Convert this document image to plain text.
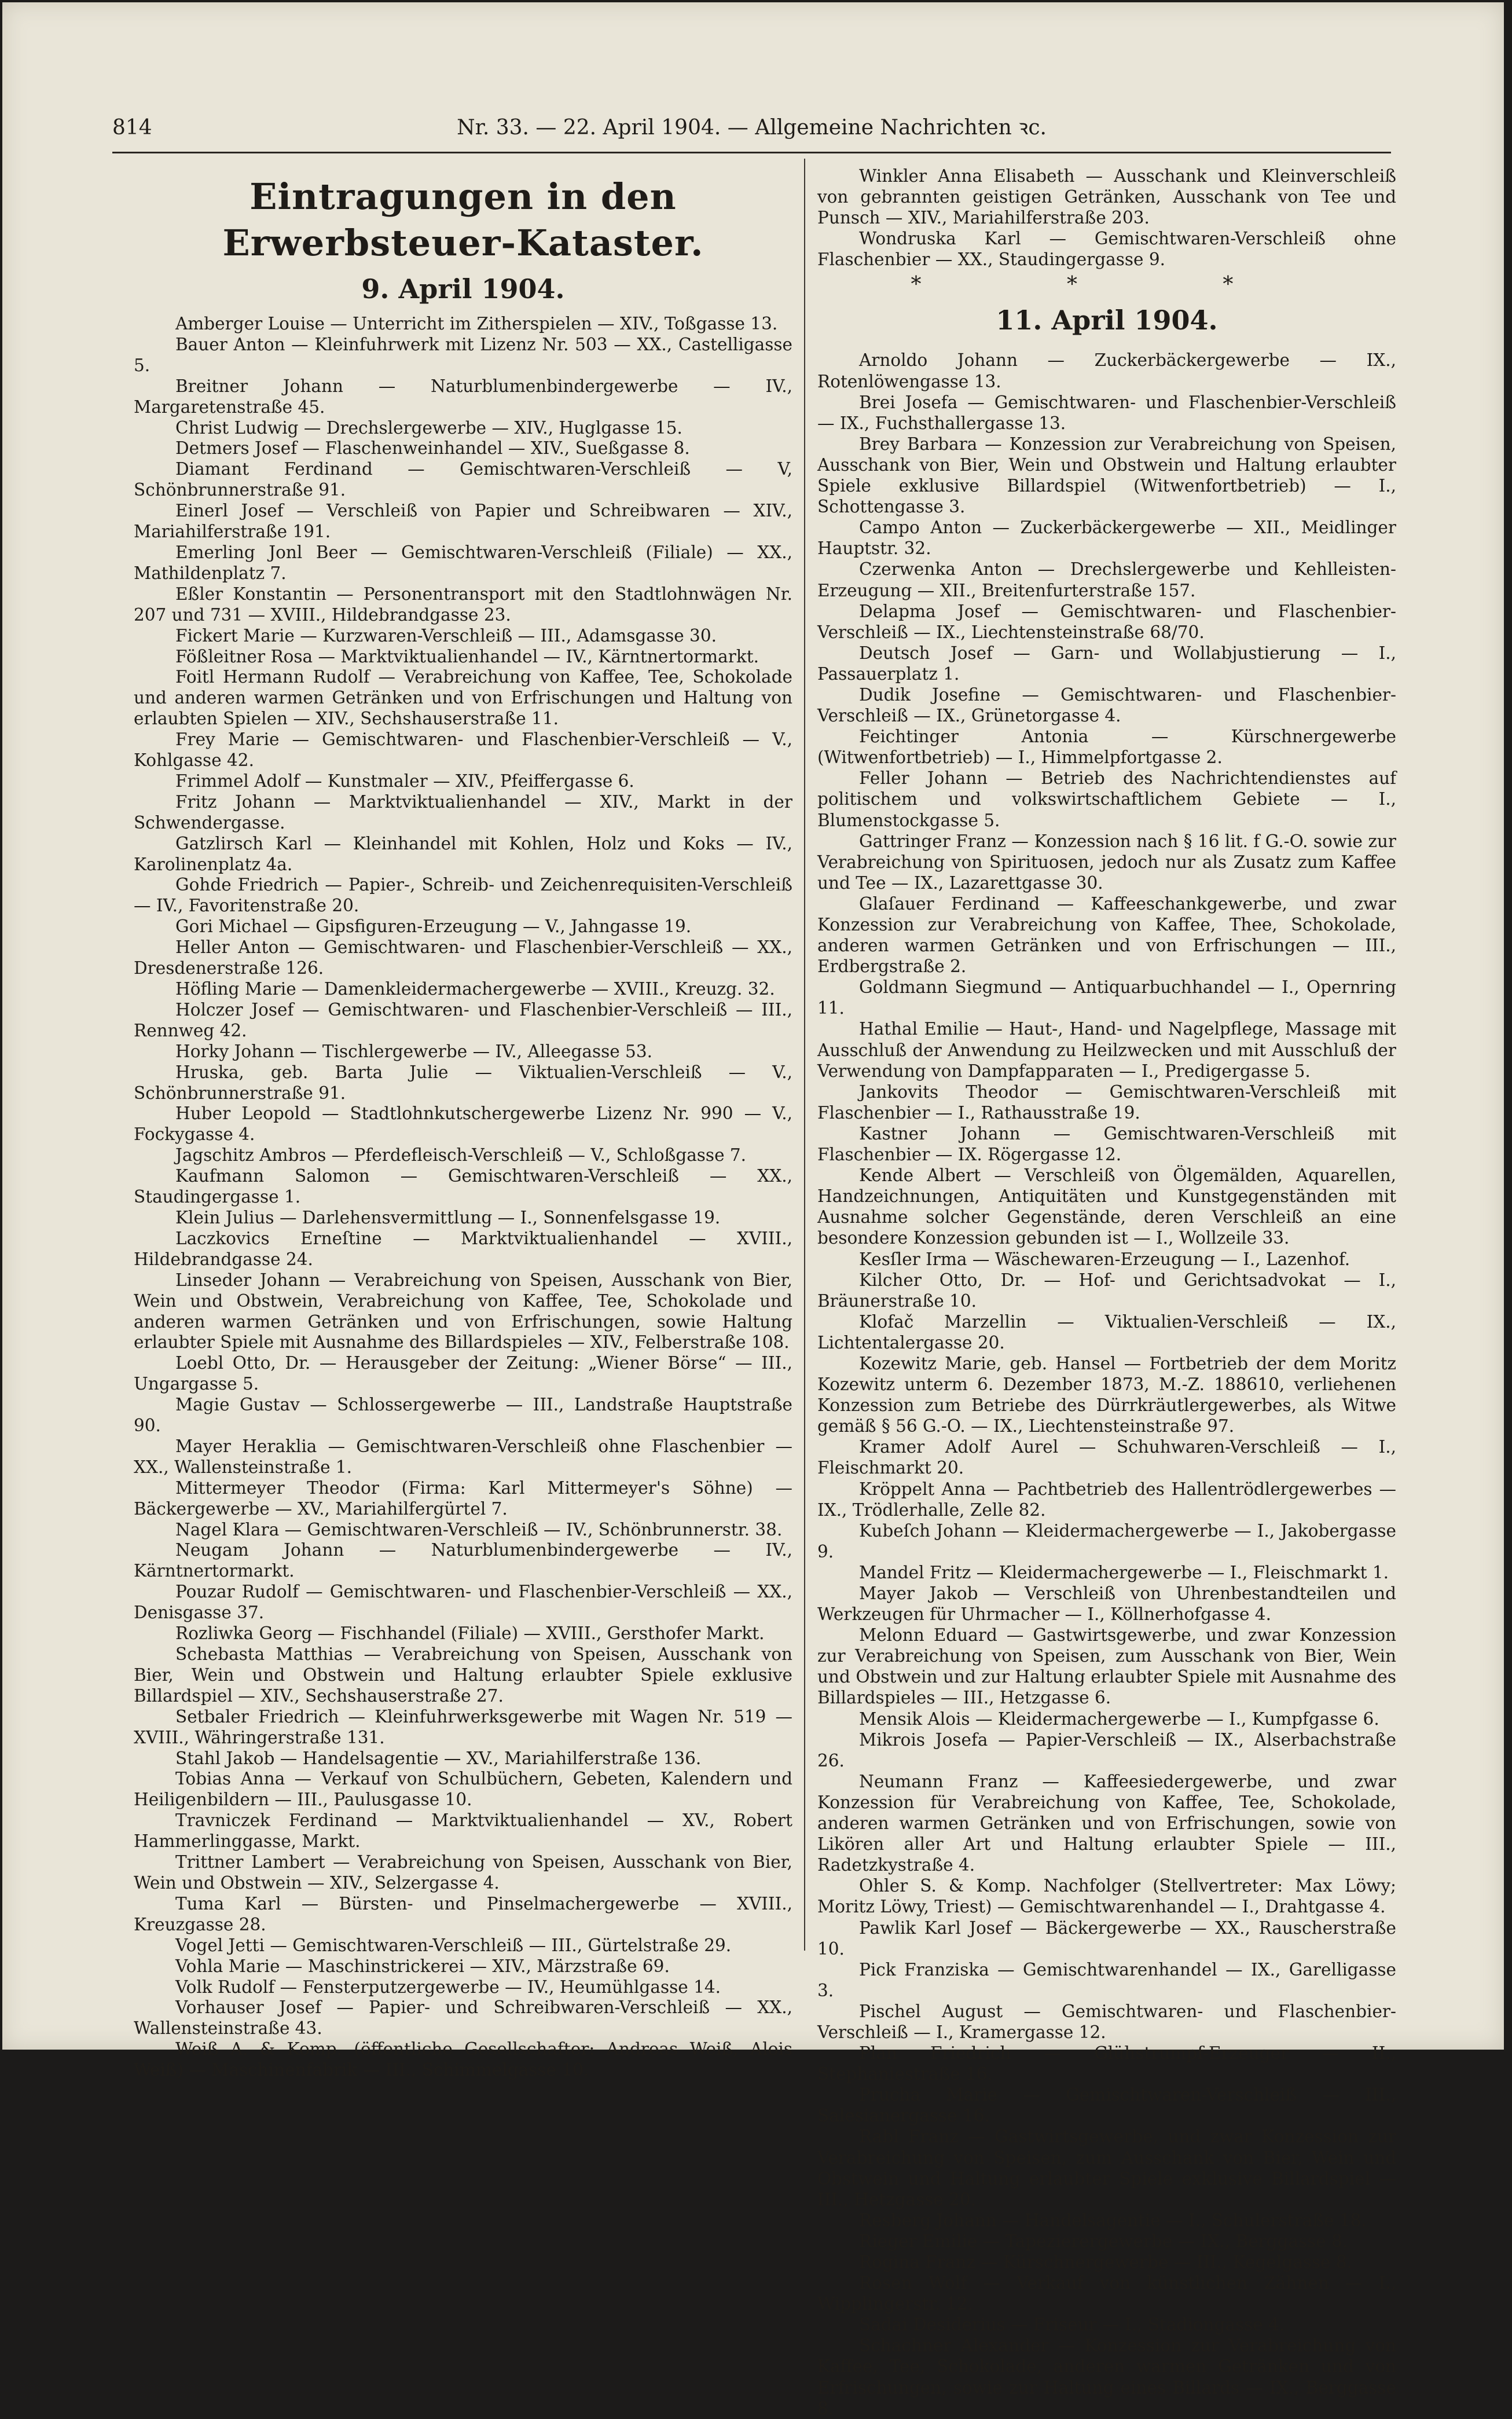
814	Nr. 33. — 22. April 1904. — Allgemeine Nachrichten ꝛc.
Eintragungen in den Erwerbsteuer-Kataster.
9. April 1904.

Amberger Louise — Unterricht im Zitherspielen — XIV., Toßgasse 13.

Bauer Anton — Kleinfuhrwerk mit Lizenz Nr. 503 — XX., Castelligasse 5.

Breitner Johann — Naturblumenbindergewerbe — IV., Margaretenstraße 45.

Christ Ludwig — Drechslergewerbe — XIV., Huglgasse 15.

Detmers Josef — Flaschenweinhandel — XIV., Sueßgasse 8.

Diamant Ferdinand — Gemischtwaren-Verschleiß — V, Schönbrunnerstraße 91.

Einerl Josef — Verschleiß von Papier und Schreibwaren — XIV., Mariahilferstraße 191.

Emerling Jonl Beer — Gemischtwaren-Verschleiß (Filiale) — XX., Mathildenplatz 7.

Eßler Konstantin — Personentransport mit den Stadtlohnwägen Nr. 207 und 731 — XVIII., Hildebrandgasse 23.

Fickert Marie — Kurzwaren-Verschleiß — III., Adamsgasse 30.

Fößleitner Rosa — Marktviktualienhandel — IV., Kärntnertormarkt.

Foitl Hermann Rudolf — Verabreichung von Kaffee, Tee, Schokolade und anderen warmen Getränken und von Erfrischungen und Haltung von erlaubten Spielen — XIV., Sechshauserstraße 11.

Frey Marie — Gemischtwaren- und Flaschenbier-Verschleiß — V., Kohlgasse 42.

Frimmel Adolf — Kunstmaler — XIV., Pfeiffergasse 6.

Fritz Johann — Marktviktualienhandel — XIV., Markt in der Schwendergasse.

Gatzlirsch Karl — Kleinhandel mit Kohlen, Holz und Koks — IV., Karolinenplatz 4a.

Gohde Friedrich — Papier-, Schreib- und Zeichenrequisiten-Verschleiß — IV., Favoritenstraße 20.

Gori Michael — Gipsfiguren-Erzeugung — V., Jahngasse 19.

Heller Anton — Gemischtwaren- und Flaschenbier-Verschleiß — XX., Dresdenerstraße 126.

Höfling Marie — Damenkleidermachergewerbe — XVIII., Kreuzg. 32.

Holczer Josef — Gemischtwaren- und Flaschenbier-Verschleiß — III., Rennweg 42.

Horky Johann — Tischlergewerbe — IV., Alleegasse 53.

Hruska, geb. Barta Julie — Viktualien-Verschleiß — V., Schönbrunnerstraße 91.

Huber Leopold — Stadtlohnkutschergewerbe Lizenz Nr. 990 — V., Fockygasse 4.

Jagschitz Ambros — Pferdefleisch-Verschleiß — V., Schloßgasse 7.

Kaufmann Salomon — Gemischtwaren-Verschleiß — XX., Staudingergasse 1.

Klein Julius — Darlehensvermittlung — I., Sonnenfelsgasse 19.

Laczkovics Erneſtine — Marktviktualienhandel — XVIII., Hildebrandgasse 24.

Linseder Johann — Verabreichung von Speisen, Ausschank von Bier, Wein und Obstwein, Verabreichung von Kaffee, Tee, Schokolade und anderen warmen Getränken und von Erfrischungen, sowie Haltung erlaubter Spiele mit Ausnahme des Billardspieles — XIV., Felberstraße 108.

Loebl Otto, Dr. — Herausgeber der Zeitung: „Wiener Börse“ — III., Ungargasse 5.

Magie Gustav — Schlossergewerbe — III., Landstraße Hauptstraße 90.

Mayer Heraklia — Gemischtwaren-Verschleiß ohne Flaschenbier — XX., Wallensteinstraße 1.

Mittermeyer Theodor (Firma: Karl Mittermeyer's Söhne) — Bäckergewerbe — XV., Mariahilfergürtel 7.

Nagel Klara — Gemischtwaren-Verschleiß — IV., Schönbrunnerstr. 38.

Neugam Johann — Naturblumenbindergewerbe — IV., Kärntnertormarkt.

Pouzar Rudolf — Gemischtwaren- und Flaschenbier-Verschleiß — XX., Denisgasse 37.

Rozliwka Georg — Fischhandel (Filiale) — XVIII., Gersthofer Markt.

Schebasta Matthias — Verabreichung von Speisen, Ausschank von Bier, Wein und Obstwein und Haltung erlaubter Spiele exklusive Billardspiel — XIV., Sechshauserstraße 27.

Setbaler Friedrich — Kleinfuhrwerksgewerbe mit Wagen Nr. 519 — XVIII., Währingerstraße 131.

Stahl Jakob — Handelsagentie — XV., Mariahilferstraße 136.

Tobias Anna — Verkauf von Schulbüchern, Gebeten, Kalendern und Heiligenbildern — III., Paulusgasse 10.

Travniczek Ferdinand — Marktviktualienhandel — XV., Robert Hammerlinggasse, Markt.

Trittner Lambert — Verabreichung von Speisen, Ausschank von Bier, Wein und Obstwein — XIV., Selzergasse 4.

Tuma Karl — Bürsten- und Pinselmachergewerbe — XVIII., Kreuzgasse 28.

Vogel Jetti — Gemischtwaren-Verschleiß — III., Gürtelstraße 29.

Vohla Marie — Maschinstrickerei — XIV., Märzstraße 69.

Volk Rudolf — Fensterputzergewerbe — IV., Heumühlgasse 14.

Vorhauser Josef — Papier- und Schreibwaren-Verschleiß — XX., Wallensteinstraße 43.

Weiß A. & Komp. (öffentliche Gesellschafter: Andreas Weiß, Alois Weiß) — Maschinenfabrik — III., Schimmelgasse 10.

Winkler Anna Elisabeth — Ausschank und Kleinverschleiß von gebrannten geistigen Getränken, Ausschank von Tee und Punsch — XIV., Mariahilferstraße 203.

Wondruska Karl — Gemischtwaren-Verschleiß ohne Flaschenbier — XX., Staudingergasse 9.

* * *
11. April 1904.

Arnoldo Johann — Zuckerbäckergewerbe — IX., Rotenlöwengasse 13.

Brei Josefa — Gemischtwaren- und Flaschenbier-Verschleiß — IX., Fuchsthallergasse 13.

Brey Barbara — Konzession zur Verabreichung von Speisen, Ausschank von Bier, Wein und Obstwein und Haltung erlaubter Spiele exklusive Billardspiel (Witwenfortbetrieb) — I., Schottengasse 3.

Campo Anton — Zuckerbäckergewerbe — XII., Meidlinger Hauptstr. 32.

Czerwenka Anton — Drechslergewerbe und Kehlleisten-Erzeugung — XII., Breitenfurterstraße 157.

Delapma Josef — Gemischtwaren- und Flaschenbier-Verschleiß — IX., Liechtensteinstraße 68/70.

Deutsch Josef — Garn- und Wollabjustierung — I., Passauerplatz 1.

Dudik Josefine — Gemischtwaren- und Flaschenbier-Verschleiß — IX., Grünetorgasse 4.

Feichtinger Antonia — Kürschnergewerbe (Witwenfortbetrieb) — I., Himmelpfortgasse 2.

Feller Johann — Betrieb des Nachrichtendienstes auf politischem und volkswirtschaftlichem Gebiete — I., Blumenstockgasse 5.

Gattringer Franz — Konzession nach § 16 lit. f G.-O. sowie zur Verabreichung von Spirituosen, jedoch nur als Zusatz zum Kaffee und Tee — IX., Lazarettgasse 30.

Glaſauer Ferdinand — Kaffeeschankgewerbe, und zwar Konzession zur Verabreichung von Kaffee, Thee, Schokolade, anderen warmen Getränken und von Erfrischungen — III., Erdbergstraße 2.

Goldmann Siegmund — Antiquarbuchhandel — I., Opernring 11.

Hathal Emilie — Haut-, Hand- und Nagelpflege, Massage mit Ausschluß der Anwendung zu Heilzwecken und mit Ausschluß der Verwendung von Dampfapparaten — I., Predigergasse 5.

Jankovits Theodor — Gemischtwaren-Verschleiß mit Flaschenbier — I., Rathausstraße 19.

Kastner Johann — Gemischtwaren-Verschleiß mit Flaschenbier — IX. Rögergasse 12.

Kende Albert — Verschleiß von Ölgemälden, Aquarellen, Handzeichnungen, Antiquitäten und Kunstgegenständen mit Ausnahme solcher Gegenstände, deren Verschleiß an eine besondere Konzession gebunden ist — I., Wollzeile 33.

Kesſler Irma — Wäschewaren-Erzeugung — I., Lazenhof.

Kilcher Otto, Dr. — Hof- und Gerichtsadvokat — I., Bräunerstraße 10.

Klofač Marzellin — Viktualien-Verschleiß — IX., Lichtentalergasse 20.

Kozewitz Marie, geb. Hansel — Fortbetrieb der dem Moritz Kozewitz unterm 6. Dezember 1873, M.-Z. 188610, verliehenen Konzession zum Betriebe des Dürrkräutlergewerbes, als Witwe gemäß § 56 G.-O. — IX., Liechtensteinstraße 97.

Kramer Adolf Aurel — Schuhwaren-Verschleiß — I., Fleischmarkt 20.

Kröppelt Anna — Pachtbetrieb des Hallentrödlergewerbes — IX., Trödlerhalle, Zelle 82.

Kubeſch Johann — Kleidermachergewerbe — I., Jakobergasse 9.

Mandel Fritz — Kleidermachergewerbe — I., Fleischmarkt 1.

Mayer Jakob — Verschleiß von Uhrenbestandteilen und Werkzeugen für Uhrmacher — I., Köllnerhofgasse 4.

Melonn Eduard — Gastwirtsgewerbe, und zwar Konzession zur Verabreichung von Speisen, zum Ausschank von Bier, Wein und Obstwein und zur Haltung erlaubter Spiele mit Ausnahme des Billardspieles — III., Hetzgasse 6.

Mensik Alois — Kleidermachergewerbe — I., Kumpfgasse 6.

Mikrois Josefa — Papier-Verschleiß — IX., Alserbachstraße 26.

Neumann Franz — Kaffeesiedergewerbe, und zwar Konzession für Verabreichung von Kaffee, Tee, Schokolade, anderen warmen Getränken und von Erfrischungen, sowie von Likören aller Art und Haltung erlaubter Spiele — III., Radetzkystraße 4.

Ohler S. & Komp. Nachfolger (Stellvertreter: Max Löwy; Moritz Löwy, Triest) — Gemischtwarenhandel — I., Drahtgasse 4.

Pawlik Karl Josef — Bäckergewerbe — XX., Rauscherstraße 10.

Pick Franziska — Gemischtwarenhandel — IX., Garelligasse 3.

Pischel August — Gemischtwaren- und Flaschenbier-Verschleiß — I., Kramergasse 12.

Plan Friedrich — Glühstrumpf-Erzeuger — II., Stephaniestraße 16.

Prucha Marie — Gemischtwaren-Verschleiß — III., Salesianergasse 16.

Rabl Franz — Gastwirtsgewerbe, und zwar Konzession zur Verabreichung von Speisen, zum Ausschank von Bier, Wein und Obstwein und Haltung erlaubter Spiele exklusive Billardspiel — III., Hetzgasse 20.

Resberg Johann — Handelsagentie — I., Schulerstraße 18.

Rieger Emilie — Tapezierergewerbe — IX., Berggasse 8.

Rogina Franz — Kürschnergewerbe — III., Kegelgasse 8.

Rosen Wolf — Verkauf von künstlichen Zähnen — I., Wipplingerstr. 12.

Sadai Desiderius — Friseur — I., Stadiongasse 4.

Schachner Alexander — Konzession zur Verabreichung von Kaffee, Tee, Schokolade, anderen warmen Getränken und von Erfrischungen, sowie zur Haltung eines Billards — IX., Berggasse 8.
